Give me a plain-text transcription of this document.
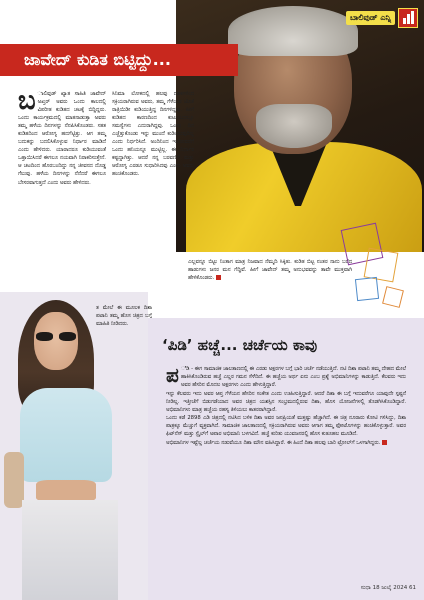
ಬಾಲಿವುಡ್ ಎನ್ನಿ
ಜಾವೇದ್ ಕುಡಿತ ಬಿಟ್ಟಿದ್ದು...
ಬ ಾಲಿವುಡ್ ಖ್ಯಾತ ಸಾಹಿತಿ ಜಾವೇದ್ ಅಖ್ತರ್ ಅವರು ಒಂದು ಕಾಲದಲ್ಲಿ ವಿಪರೀತ ಕುಡಿತದ ಚಟಕ್ಕೆ ಬಿದ್ದಿದ್ದರು. ಒಂದು ಕಾರ್ಯಕ್ರಮದಲ್ಲಿ ಮಾತನಾಡುತ್ತಾ ಅವರು ತಮ್ಮ ಹಳೆಯ ದಿನಗಳನ್ನು ನೆನಪಿಸಿಕೊಂಡರು. ಸತತ ಕುಡಿತದಿಂದ ಆರೋಗ್ಯ ಹದಗೆಟ್ಟಿತ್ತು. ಆಗ ತಮ್ಮ ಬದುಕನ್ನು ಬದಲಿಸಿಕೊಳ್ಳುವ ನಿರ್ಧಾರ ಮಾಡಿದೆ ಎಂದು ಹೇಳಿದರು. ಯಾರಾದರೂ ಕುಡಿಯುವಂತೆ ಒತ್ತಾಯಿಸಿದರೆ ಈಗಲೂ ನಯವಾಗಿ ನಿರಾಕರಿಸುತ್ತೇನೆ. ಆ ಚಟದಿಂದ ಹೊರಬಂದಿದ್ದು ನನ್ನ ಜೀವನದ ದೊಡ್ಡ ಗೆಲುವು. ಹಳೆಯ ದಿನಗಳನ್ನು ನೆನೆದರೆ ಈಗಲೂ ಬೇಸರವಾಗುತ್ತದೆ ಎಂದು ಅವರು ಹೇಳಿದರು.

ಸಿನಿಮಾ ಲೋಕದಲ್ಲಿ ಹಲವು ದಶಕಗಳಿಂದ ಸಕ್ರಿಯರಾಗಿರುವ ಅವರು, ತಮ್ಮ ಗೆಳೆಯರ ಜೊತೆ ರಾತ್ರಿಯಿಡೀ ಕುಡಿಯುತ್ತಿದ್ದ ದಿನಗಳಿದ್ದವು. ಹೀಗೆ ಕುಡಿತದ ಕಾರಣದಿಂದ ಕುಟುಂಬದಲ್ಲೂ ಸಮಸ್ಯೆಗಳು ಎದುರಾಗಿದ್ದವು. ಒಂದು ದಿನ ಎಚ್ಚೆತ್ತುಕೊಂಡು ಇನ್ನು ಮುಂದೆ ಕುಡಿಯುವುದಿಲ್ಲ ಎಂದು ನಿರ್ಧರಿಸಿದೆ. ಅಂದಿನಿಂದ ಇಂದಿನವರೆಗೆ ಒಂದು ಹನಿಯನ್ನೂ ಮುಟ್ಟಿಲ್ಲ. ಈ ನಿರ್ಧಾರ ಕಷ್ಟದ್ದಾಗಿತ್ತು. ಆದರೆ ನನ್ನ ಬರವಣಿಗೆ ಮತ್ತು ಆರೋಗ್ಯ ಎರಡೂ ಸುಧಾರಿಸಿದವು ಎಂದು ಅವರು ಹಂಚಿಕೊಂಡರು.

ಎಲ್ಲವನ್ನೂ ಬಿಟ್ಟು ನಿಂತಾಗ ಮಾತ್ರ ನಿಜವಾದ ನೆಮ್ಮದಿ ಸಿಕ್ಕಿತು. ಕುಡಿತ ಬಿಟ್ಟ ನಂತರ ನಾನು ಬರೆದ ಹಾಡುಗಳು ಜನರ ಮನ ಗೆದ್ದಿವೆ. ಹೀಗೆ ಜಾವೇದ್ ತಮ್ಮ ಅನುಭವವನ್ನು ತಾವೇ ಮುಕ್ತವಾಗಿ ಹೇಳಿಕೊಂಡರು.

ತ ಮೇಲೆ ಈ ಮೂಲಕ ದಿಶಾ ಪಟಾನಿ ತಮ್ಮ ಹೊಸ ಚಿತ್ರದ ಬಗ್ಗೆ ಮಾಹಿತಿ ನೀಡಿದರು.

‘ಪಿಡಿ’ ಹಚ್ಚೆ... ಚರ್ಚೆಯ ಕಾವು
ಪ ಿಡಿ - ಈಗ ಸಾಮಾಜಿಕ ಜಾಲತಾಣದಲ್ಲಿ ಈ ಎರಡು ಅಕ್ಷರಗಳ ಬಗ್ಗೆ ಭಾರಿ ಚರ್ಚೆ ನಡೆಯುತ್ತಿದೆ. ನಟಿ ದಿಶಾ ಪಟಾನಿ ತಮ್ಮ ದೇಹದ ಮೇಲೆ ಹಾಕಿಸಿಕೊಂಡಿರುವ ಹಚ್ಚೆ ಎಲ್ಲರ ಗಮನ ಸೆಳೆದಿದೆ. ಈ ಹಚ್ಚೆಯ ಅರ್ಥ ಏನು ಎಂಬ ಪ್ರಶ್ನೆ ಅಭಿಮಾನಿಗಳನ್ನು ಕಾಡುತ್ತಿದೆ. ಕೆಲವರು ಇದು ಅವರ ಹೆಸರಿನ ಮೊದಲ ಅಕ್ಷರಗಳು ಎಂದು ಹೇಳುತ್ತಿದ್ದಾರೆ.

ಇನ್ನು ಕೆಲವರು ಇದು ಅವರ ಆಪ್ತ ಗೆಳೆಯನ ಹೆಸರಿನ ಸಂಕೇತ ಎಂದು ಊಹಿಸುತ್ತಿದ್ದಾರೆ. ಆದರೆ ದಿಶಾ ಈ ಬಗ್ಗೆ ಇದುವರೆಗೂ ಯಾವುದೇ ಸ್ಪಷ್ಟನೆ ನೀಡಿಲ್ಲ. ಇತ್ತೀಚೆಗೆ ಬಿಡುಗಡೆಯಾದ ಅವರ ಚಿತ್ರದ ಯಶಸ್ಸಿನ ಸಂಭ್ರಮದಲ್ಲಿರುವ ದಿಶಾ, ಹೊಸ ಯೋಜನೆಗಳಲ್ಲಿ ತೊಡಗಿಸಿಕೊಂಡಿದ್ದಾರೆ. ಅಭಿಮಾನಿಗಳು ಮಾತ್ರ ಹಚ್ಚೆಯ ರಹಸ್ಯ ತಿಳಿಯಲು ಕಾತರರಾಗಿದ್ದಾರೆ.

ಒಂದು ಕಡೆ 2898 ಎಡಿ ಚಿತ್ರದಲ್ಲಿ ನಟಿಸಿದ ಬಳಿಕ ದಿಶಾ ಅವರ ಜನಪ್ರಿಯತೆ ಮತ್ತಷ್ಟು ಹೆಚ್ಚಾಗಿದೆ. ಈ ಚಿತ್ರ ನೂರಾರು ಕೋಟಿ ಗಳಿಸಿದ್ದು, ದಿಶಾ ಪಾತ್ರಕ್ಕೂ ಮೆಚ್ಚುಗೆ ವ್ಯಕ್ತವಾಗಿದೆ. ಸಾಮಾಜಿಕ ಜಾಲತಾಣದಲ್ಲಿ ಸಕ್ರಿಯರಾಗಿರುವ ಅವರು ಆಗಾಗ ತಮ್ಮ ಫೋಟೊಗಳನ್ನು ಹಂಚಿಕೊಳ್ಳುತ್ತಾರೆ. ಅವರ ಫಿಟ್‌ನೆಸ್ ಮತ್ತು ಸ್ಟೈಲ್‌ಗೆ ಅಪಾರ ಅಭಿಮಾನಿ ಬಳಗವಿದೆ. ಹಚ್ಚೆ ಕುರಿತು ಯುವಜನರಲ್ಲಿ ಹೊಸ ಕುತೂಹಲ ಮೂಡಿದೆ.

ಅಭಿಮಾನಿಗಳ ಇಷ್ಟೆಲ್ಲ ಚರ್ಚೆಯ ನಡುವೆಯೂ ದಿಶಾ ಮೌನ ವಹಿಸಿದ್ದಾರೆ. ಈ ಹಿಂದೆ ದಿಶಾ ಹಲವು ಬಾರಿ ಟ್ರೋಲ್‌ಗೆ ಒಳಗಾಗಿದ್ದರು.

ಸುಧಾ 18 ಜುಲೈ 2024 61
